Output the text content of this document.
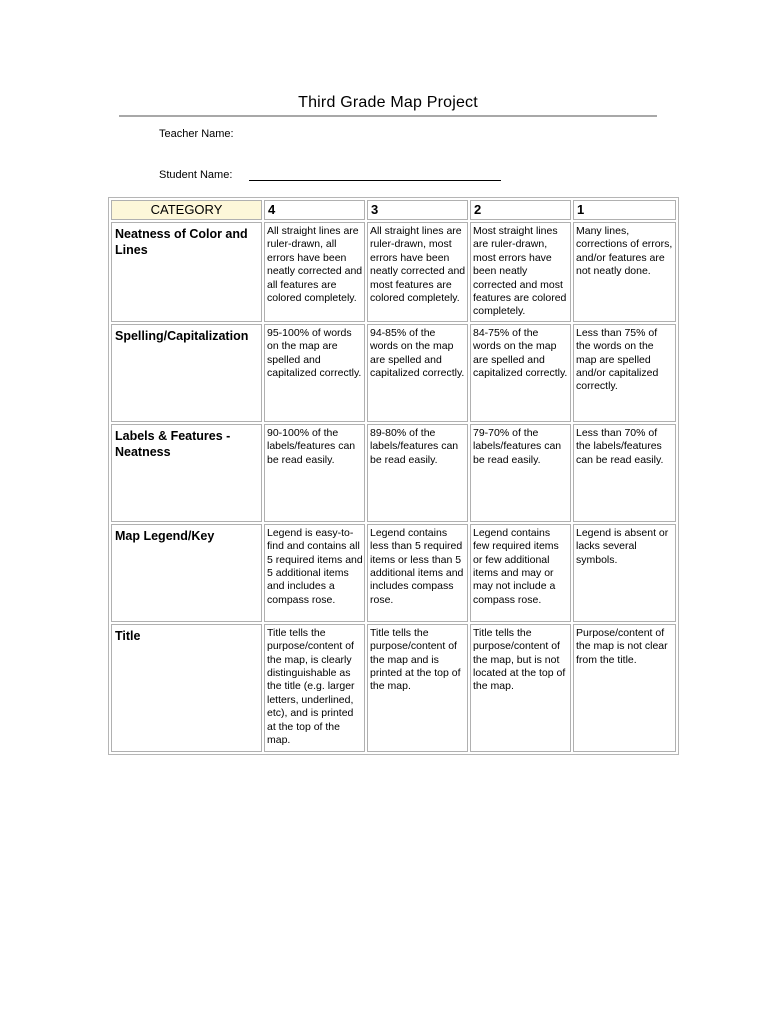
Third Grade Map Project
Teacher Name:
Student Name:
CATEGORY	4	3	2	1
Neatness of Color and Lines	All straight lines are ruler-drawn, all errors have been neatly corrected and all features are colored completely.	All straight lines are ruler-drawn, most errors have been neatly corrected and most features are colored completely.	Most straight lines are ruler-drawn, most errors have been neatly corrected and most features are colored completely.	Many lines, corrections of errors, and/or features are not neatly done.
Spelling/Capitalization	95-100% of words on the map are spelled and capitalized correctly.	94-85% of the words on the map are spelled and capitalized correctly.	84-75% of the words on the map are spelled and capitalized correctly.	Less than 75% of the words on the map are spelled and/or capitalized correctly.
Labels & Features - Neatness	90-100% of the labels/features can be read easily.	89-80% of the labels/features can be read easily.	79-70% of the labels/features can be read easily.	Less than 70% of the labels/features can be read easily.
Map Legend/Key	Legend is easy-to-find and contains all 5 required items and 5 additional items and includes a compass rose.	Legend contains less than 5 required items or less than 5 additional items and includes compass rose.	Legend contains few required items or few additional items and may or may not include a compass rose.	Legend is absent or lacks several symbols.
Title	Title tells the purpose/content of the map, is clearly distinguishable as the title (e.g. larger letters, underlined, etc), and is printed at the top of the map.	Title tells the purpose/content of the map and is printed at the top of the map.	Title tells the purpose/content of the map, but is not located at the top of the map.	Purpose/content of the map is not clear from the title.
